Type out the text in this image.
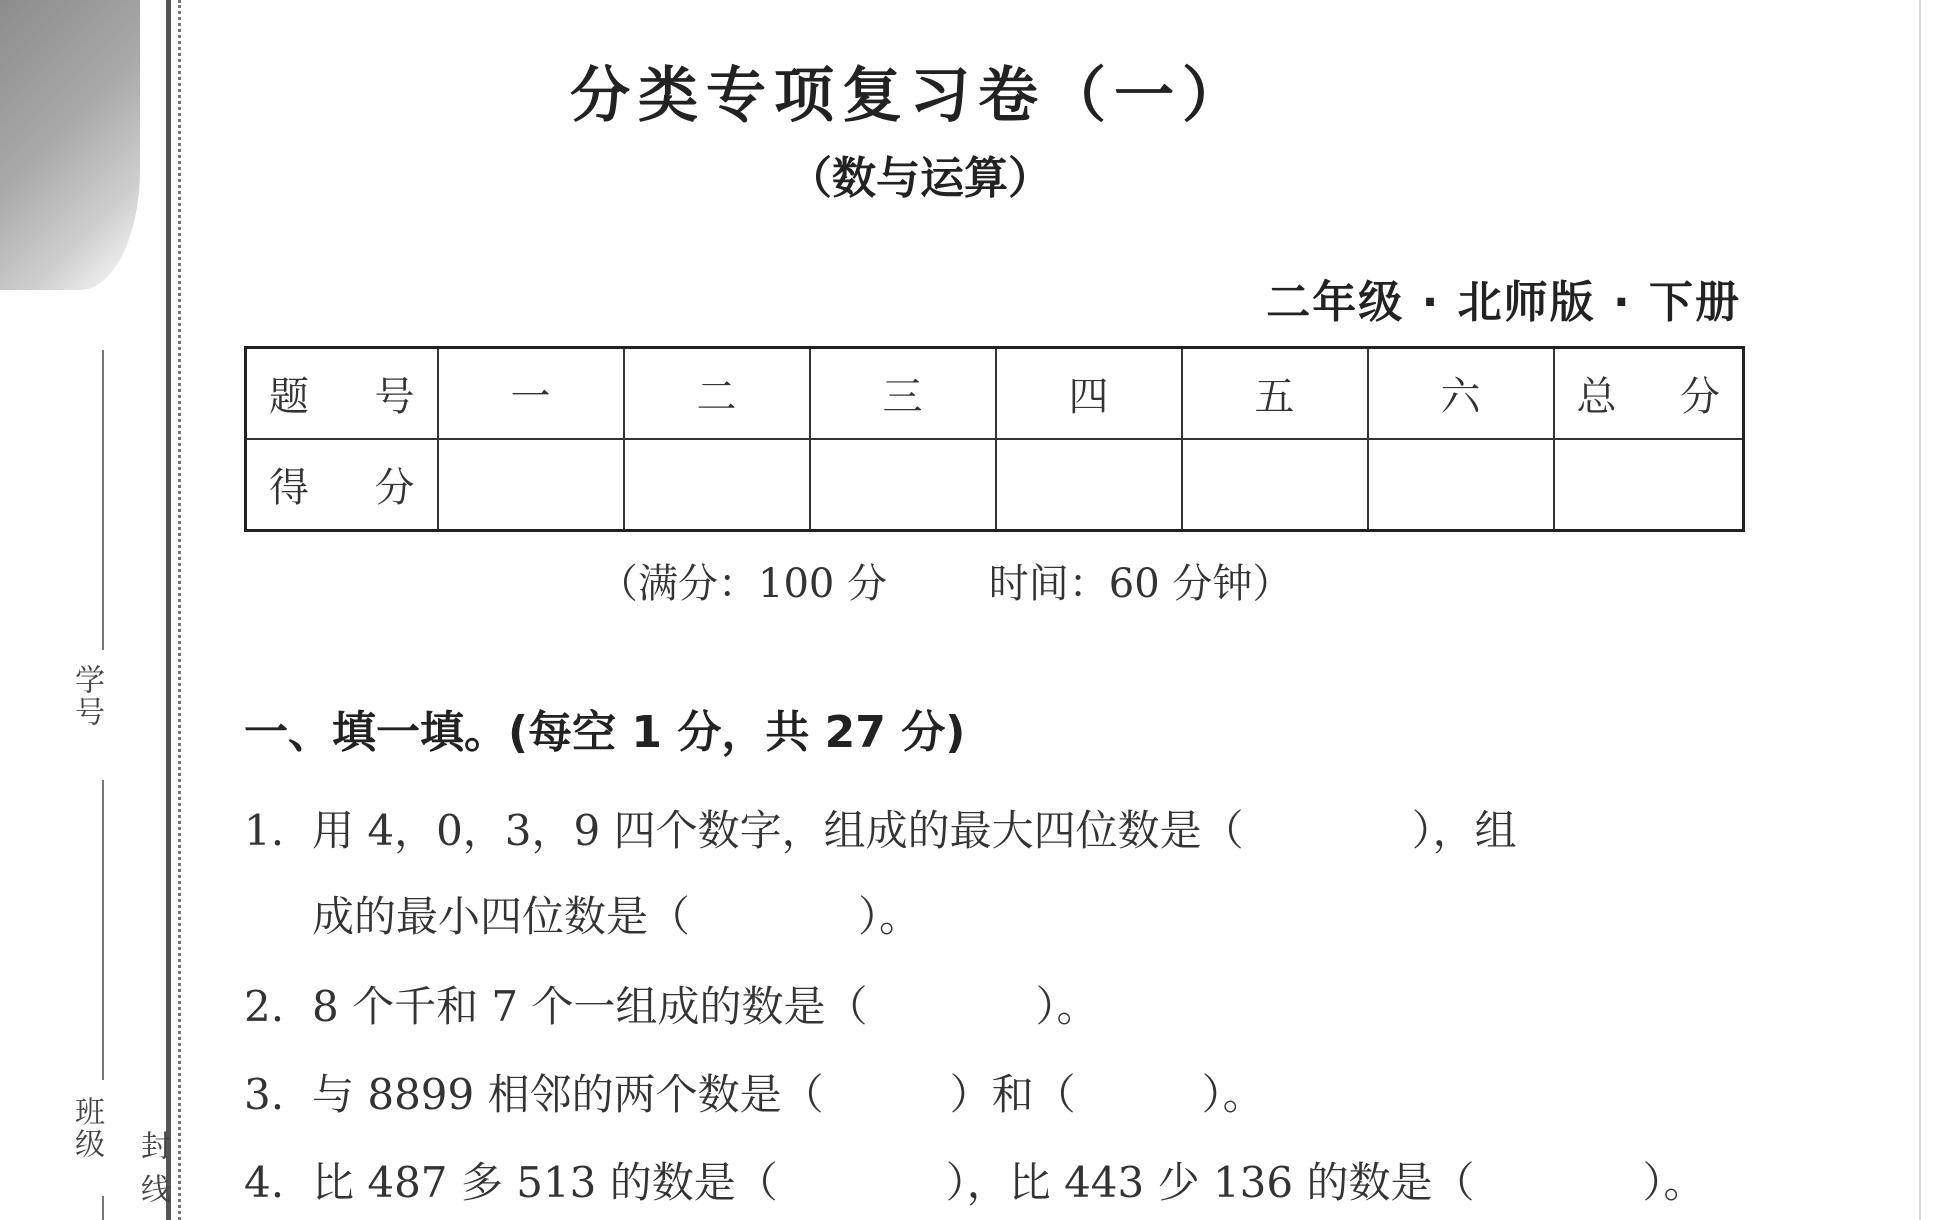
学号
班级
封 线
分类专项复习卷（一）
（数与运算）
二年级 · 北师版 · 下册
题 号	一	二	三	四	五	六	总 分
得 分							
（满分：100 分	时间：60 分钟）
一、填一填。(每空 1 分，共 27 分)
1. 用 4，0，3，9 四个数字，组成的最大四位数是（　　　　），组
成的最小四位数是（　　　　）。
2. 8 个千和 7 个一组成的数是（　　　　）。
3. 与 8899 相邻的两个数是（　　　）和（　　　）。
4. 比 487 多 513 的数是（　　　　），比 443 少 136 的数是（　　　　）。
